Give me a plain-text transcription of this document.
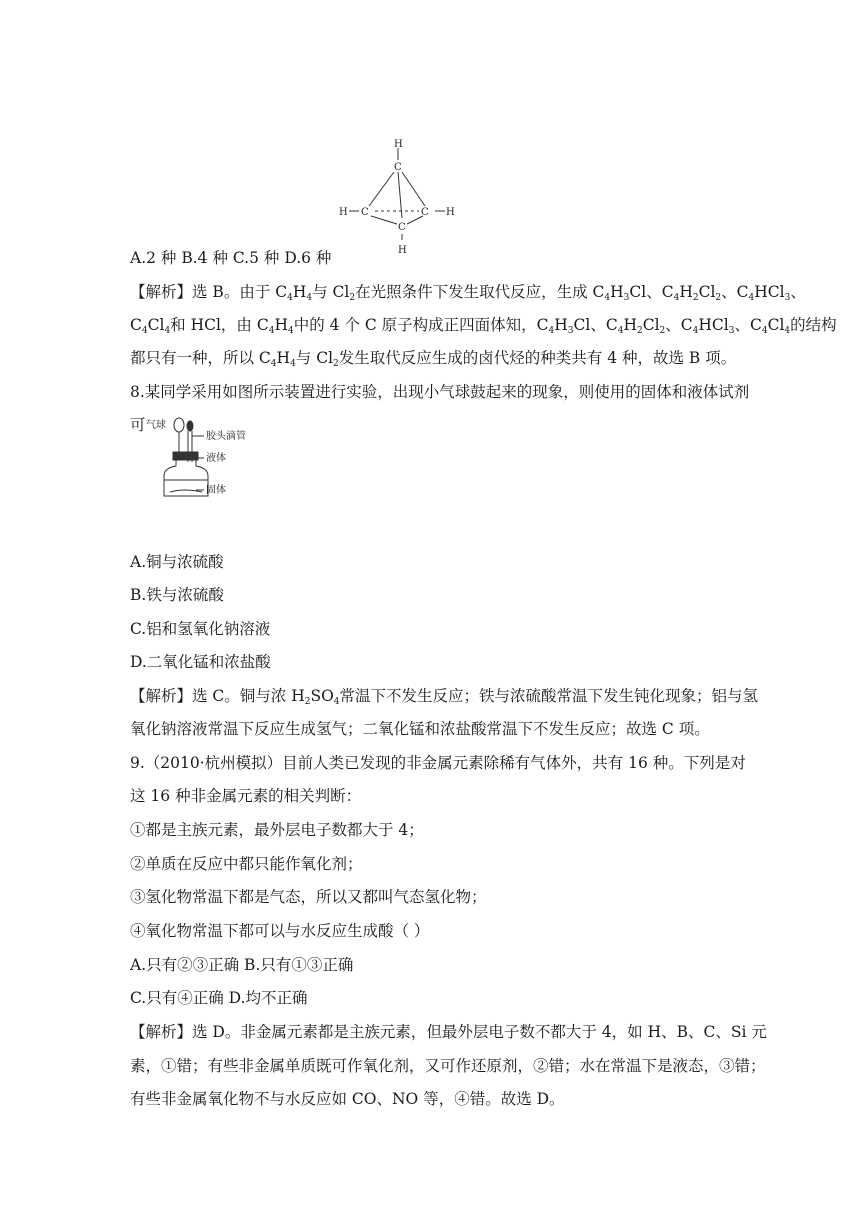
H
C
H C	C H
C
H
A.2 种 B.4 种 C.5 种 D.6 种
【解析】选 B。由于 $C_4H_4$与 $Cl_2$在光照条件下发生取代反应，生成 $C_4H_3Cl$、$C_4H_2Cl_2$、$C_4HCl_3$、
$C_4Cl_4$和 HCl，由 $C_4H_4$中的 4 个 C 原子构成正四面体知，$C_4H_3Cl$、$C_4H_2Cl_2$、$C_4HCl_3$、$C_4Cl_4$的结构
都只有一种，所以 $C_4H_4$与 $Cl_2$发生取代反应生成的卤代烃的种类共有 4 种，故选 B 项。
8.某同学采用如图所示装置进行实验，出现小气球鼓起来的现象，则使用的固体和液体试剂
可 气球
胶头滴管
液体
固体
A.铜与浓硫酸
B.铁与浓硫酸
C.铝和氢氧化钠溶液
D.二氧化锰和浓盐酸
【解析】选 C。铜与浓 $H_2SO_4$常温下不发生反应；铁与浓硫酸常温下发生钝化现象；铝与氢
氧化钠溶液常温下反应生成氢气；二氧化锰和浓盐酸常温下不发生反应；故选 C 项。
9.（2010·杭州模拟）目前人类已发现的非金属元素除稀有气体外，共有 16 种。下列是对
这 16 种非金属元素的相关判断：
①都是主族元素，最外层电子数都大于 4；
②单质在反应中都只能作氧化剂；
③氢化物常温下都是气态，所以又都叫气态氢化物；
④氧化物常温下都可以与水反应生成酸（ ）
A.只有②③正确 B.只有①③正确
C.只有④正确 D.均不正确
【解析】选 D。非金属元素都是主族元素，但最外层电子数不都大于 4，如 H、B、C、Si 元
素，①错；有些非金属单质既可作氧化剂，又可作还原剂，②错；水在常温下是液态，③错；
有些非金属氧化物不与水反应如 CO、NO 等，④错。故选 D。
